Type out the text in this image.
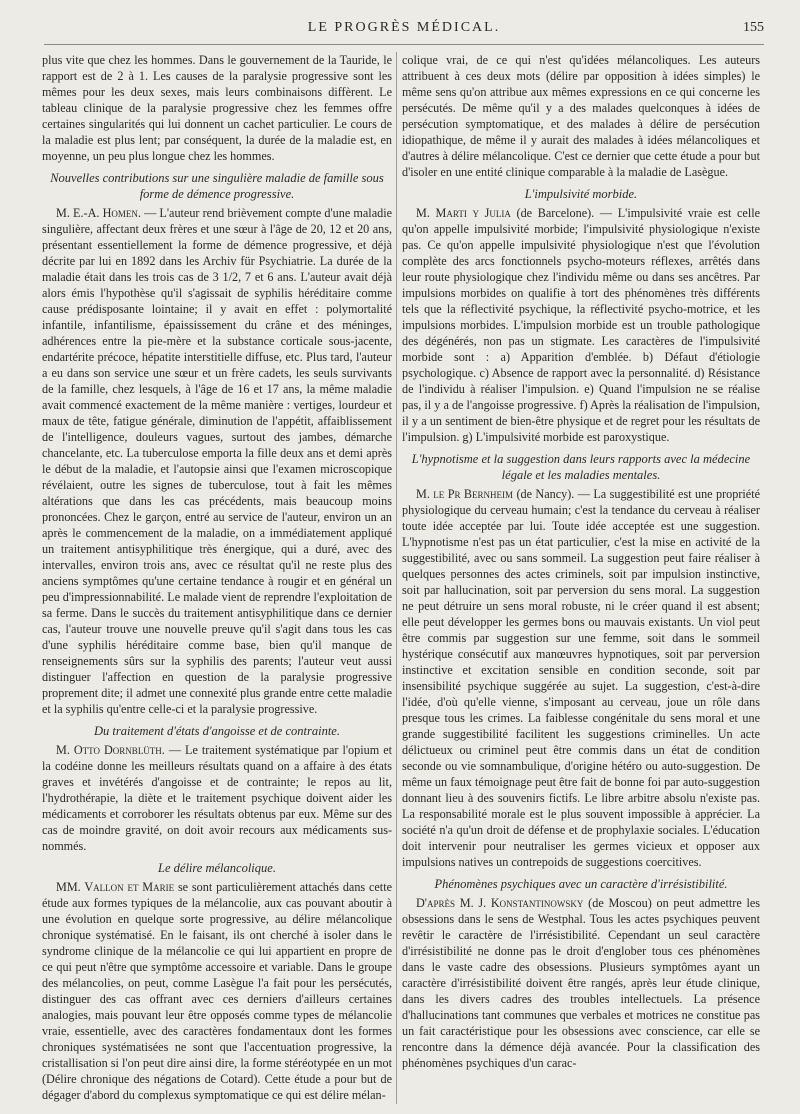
LE PROGRÈS MÉDICAL.	155

plus vite que chez les hommes. Dans le gouvernement de la Tauride, le rapport est de 2 à 1. Les causes de la paralysie progressive sont les mêmes pour les deux sexes, mais leurs combinaisons diffèrent. Le tableau clinique de la paralysie progressive chez les femmes offre certaines singularités qui lui donnent un cachet particulier. Le cours de la maladie est plus lent; par conséquent, la durée de la maladie est, en moyenne, un peu plus longue chez les hommes.

Nouvelles contributions sur une singulière maladie de famille sous forme de démence progressive.

M. E.-A. Homen. — L'auteur rend brièvement compte d'une maladie singulière, affectant deux frères et une sœur à l'âge de 20, 12 et 20 ans, présentant essentiellement la forme de démence progressive, et déjà décrite par lui en 1892 dans les Archiv für Psychiatrie. La durée de la maladie était dans les trois cas de 3 1/2, 7 et 6 ans. L'auteur avait déjà alors émis l'hypothèse qu'il s'agissait de syphilis héréditaire comme cause prédisposante lointaine; il y avait en effet : polymortalité infantile, infantilisme, épaississement du crâne et des méninges, adhérences entre la pie-mère et la substance corticale sous-jacente, endartérite précoce, hépatite interstitielle diffuse, etc. Plus tard, l'auteur a eu dans son service une sœur et un frère cadets, les seuls survivants de la famille, chez lesquels, à l'âge de 16 et 17 ans, la même maladie avait commencé exactement de la même manière : vertiges, lourdeur et maux de tête, fatigue générale, diminution de l'appétit, affaiblissement de l'intelligence, douleurs vagues, surtout des jambes, démarche chancelante, etc. La tuberculose emporta la fille deux ans et demi après le début de la maladie, et l'autopsie ainsi que l'examen microscopique révélaient, outre les signes de tuberculose, tout à fait les mêmes altérations que dans les cas précédents, mais beaucoup moins prononcées. Chez le garçon, entré au service de l'auteur, environ un an après le commencement de la maladie, on a immédiatement appliqué un traitement antisyphilitique très énergique, qui a duré, avec des intervalles, environ trois ans, avec ce résultat qu'il ne reste plus des anciens symptômes qu'une certaine tendance à rougir et en général un peu d'impressionnabilité. Le malade vient de reprendre l'exploitation de sa ferme. Dans le succès du traitement antisyphilitique dans ce dernier cas, l'auteur trouve une nouvelle preuve qu'il s'agit dans tous les cas d'une syphilis héréditaire comme base, bien qu'il manque de renseignements sûrs sur la syphilis des parents; l'auteur veut aussi distinguer l'affection en question de la paralysie progressive proprement dite; il admet une connexité plus grande entre cette maladie et la syphilis qu'entre celle-ci et la paralysie progressive.

Du traitement d'états d'angoisse et de contrainte.

M. Otto Dornblüth. — Le traitement systématique par l'opium et la codéine donne les meilleurs résultats quand on a affaire à des états graves et invétérés d'angoisse et de contrainte; le repos au lit, l'hydrothérapie, la diète et le traitement psychique doivent aider les médicaments et corroborer les résultats obtenus par eux. Même sur des cas de moindre gravité, on doit avoir recours aux médicaments sus-nommés.

Le délire mélancolique.

MM. Vallon et Marie se sont particulièrement attachés dans cette étude aux formes typiques de la mélancolie, aux cas pouvant aboutir à une évolution en quelque sorte progressive, au délire mélancolique chronique systématisé. En le faisant, ils ont cherché à isoler dans le syndrome clinique de la mélancolie ce qui lui appartient en propre de ce qui peut n'être que symptôme accessoire et variable. Dans le groupe des mélancolies, on peut, comme Lasègue l'a fait pour les persécutés, distinguer des cas offrant avec ces derniers d'ailleurs certaines analogies, mais pouvant leur être opposés comme types de mélancolie vraie, essentielle, avec des caractères fondamentaux dont les formes chroniques systématisées ne sont que l'accentuation progressive, la cristallisation si l'on peut dire ainsi dire, la forme stéréotypée en un mot (Délire chronique des négations de Cotard). Cette étude a pour but de dégager d'abord du complexus symptomatique ce qui est délire mélan-

colique vrai, de ce qui n'est qu'idées mélancoliques. Les auteurs attribuent à ces deux mots (délire par opposition à idées simples) le même sens qu'on attribue aux mêmes expressions en ce qui concerne les persécutés. De même qu'il y a des malades quelconques à idées de persécution symptomatique, et des malades à délire de persécution idiopathique, de même il y aurait des malades à idées mélancoliques et d'autres à délire mélancolique. C'est ce dernier que cette étude a pour but d'isoler en une entité clinique comparable à la maladie de Lasègue.

L'impulsivité morbide.

M. Marti y Julia (de Barcelone). — L'impulsivité vraie est celle qu'on appelle impulsivité morbide; l'impulsivité physiologique n'existe pas. Ce qu'on appelle impulsivité physiologique n'est que l'évolution complète des arcs fonctionnels psycho-moteurs réflexes, arrêtés dans leur route physiologique chez l'individu même ou dans ses ancêtres. Par impulsions morbides on qualifie à tort des phénomènes très différents tels que la réflectivité psychique, la réflectivité psycho-motrice, et les impulsions morbides. L'impulsion morbide est un trouble pathologique des dégénérés, non pas un stigmate. Les caractères de l'impulsivité morbide sont : a) Apparition d'emblée. b) Défaut d'étiologie psychologique. c) Absence de rapport avec la personnalité. d) Résistance de l'individu à réaliser l'impulsion. e) Quand l'impulsion ne se réalise pas, il y a de l'angoisse progressive. f) Après la réalisation de l'impulsion, il y a un sentiment de bien-être physique et de regret pour les résultats de l'impulsion. g) L'impulsivité morbide est paroxystique.

L'hypnotisme et la suggestion dans leurs rapports avec la médecine légale et les maladies mentales.

M. le Pr Bernheim (de Nancy). — La suggestibilité est une propriété physiologique du cerveau humain; c'est la tendance du cerveau à réaliser toute idée acceptée par lui. Toute idée acceptée est une suggestion. L'hypnotisme n'est pas un état particulier, c'est la mise en activité de la suggestibilité, avec ou sans sommeil. La suggestion peut faire réaliser à quelques personnes des actes criminels, soit par impulsion instinctive, soit par hallucination, soit par perversion du sens moral. La suggestion ne peut détruire un sens moral robuste, ni le créer quand il est absent; elle peut développer les germes bons ou mauvais existants. Un viol peut être commis par suggestion sur une femme, soit dans le sommeil hystérique consécutif aux manœuvres hypnotiques, soit par perversion instinctive et excitation sensible en condition seconde, soit par insensibilité psychique suggérée au sujet. La suggestion, c'est-à-dire l'idée, d'où qu'elle vienne, s'imposant au cerveau, joue un rôle dans presque tous les crimes. La faiblesse congénitale du sens moral et une grande suggestibilité facilitent les suggestions criminelles. Un acte délictueux ou criminel peut être commis dans un état de condition seconde ou vie somnambulique, d'origine hétéro ou auto-suggestion. De même un faux témoignage peut être fait de bonne foi par auto-suggestion donnant lieu à des souvenirs fictifs. Le libre arbitre absolu n'existe pas. La responsabilité morale est le plus souvent impossible à apprécier. La société n'a qu'un droit de défense et de prophylaxie sociales. L'éducation doit intervenir pour neutraliser les germes vicieux et opposer aux impulsions natives un contrepoids de suggestions coercitives.

Phénomènes psychiques avec un caractère d'irrésistibilité.

D'après M. J. Konstantinowsky (de Moscou) on peut admettre les obsessions dans le sens de Westphal. Tous les actes psychiques peuvent revêtir le caractère de l'irrésistibilité. Cependant un seul caractère d'irrésistibilité ne donne pas le droit d'englober tous ces phénomènes dans le vaste cadre des obsessions. Plusieurs symptômes ayant un caractère d'irrésistibilité doivent être rangés, après leur étude clinique, dans les divers cadres des troubles intellectuels. La présence d'hallucinations tant communes que verbales et motrices ne constitue pas un fait caractéristique pour les obsessions avec conscience, car elle se rencontre dans la démence déjà avancée. Pour la classification des phénomènes psychiques d'un carac-
